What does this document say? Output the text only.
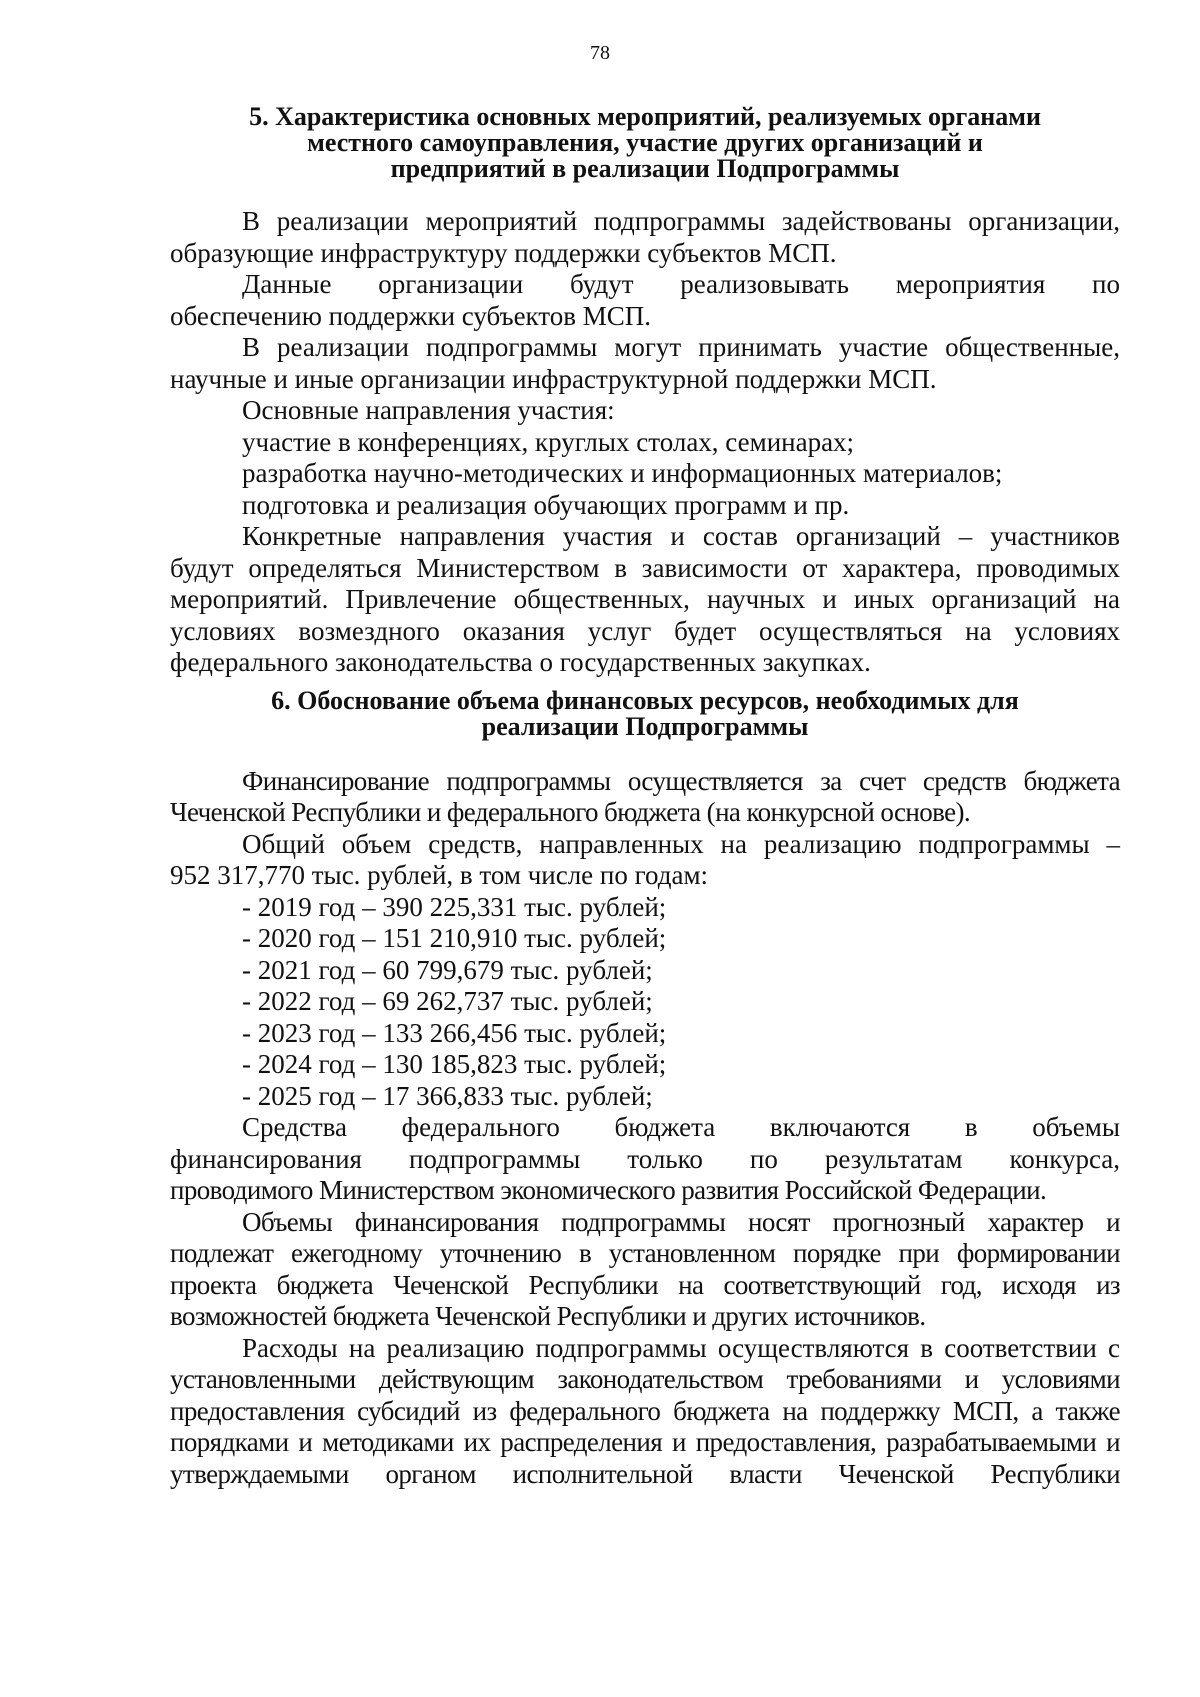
78
5. Характеристика основных мероприятий, реализуемых органами
местного самоуправления, участие других организаций и
предприятий в реализации Подпрограммы
В реализации мероприятий подпрограммы задействованы организации,
образующие инфраструктуру поддержки субъектов МСП.
Данные организации будут реализовывать мероприятия по
обеспечению поддержки субъектов МСП.
В реализации подпрограммы могут принимать участие общественные,
научные и иные организации инфраструктурной поддержки МСП.
Основные направления участия:
участие в конференциях, круглых столах, семинарах;
разработка научно-методических и информационных материалов;
подготовка и реализация обучающих программ и пр.
Конкретные направления участия и состав организаций – участников
будут определяться Министерством в зависимости от характера, проводимых
мероприятий. Привлечение общественных, научных и иных организаций на
условиях возмездного оказания услуг будет осуществляться на условиях
федерального законодательства о государственных закупках.
6. Обоснование объема финансовых ресурсов, необходимых для
реализации Подпрограммы
Финансирование подпрограммы осуществляется за счет средств бюджета
Чеченской Республики и федерального бюджета (на конкурсной основе).
Общий объем средств, направленных на реализацию подпрограммы –
952 317,770 тыс. рублей, в том числе по годам:
- 2019 год – 390 225,331 тыс. рублей;
- 2020 год – 151 210,910 тыс. рублей;
- 2021 год – 60 799,679 тыс. рублей;
- 2022 год – 69 262,737 тыс. рублей;
- 2023 год – 133 266,456 тыс. рублей;
- 2024 год – 130 185,823 тыс. рублей;
- 2025 год – 17 366,833 тыс. рублей;
Средства федерального бюджета включаются в объемы
финансирования подпрограммы только по результатам конкурса,
проводимого Министерством экономического развития Российской Федерации.
Объемы финансирования подпрограммы носят прогнозный характер и
подлежат ежегодному уточнению в установленном порядке при формировании
проекта бюджета Чеченской Республики на соответствующий год, исходя из
возможностей бюджета Чеченской Республики и других источников.
Расходы на реализацию подпрограммы осуществляются в соответствии с
установленными действующим законодательством требованиями и условиями
предоставления субсидий из федерального бюджета на поддержку МСП, а также
порядками и методиками их распределения и предоставления, разрабатываемыми и
утверждаемыми органом исполнительной власти Чеченской Республики
